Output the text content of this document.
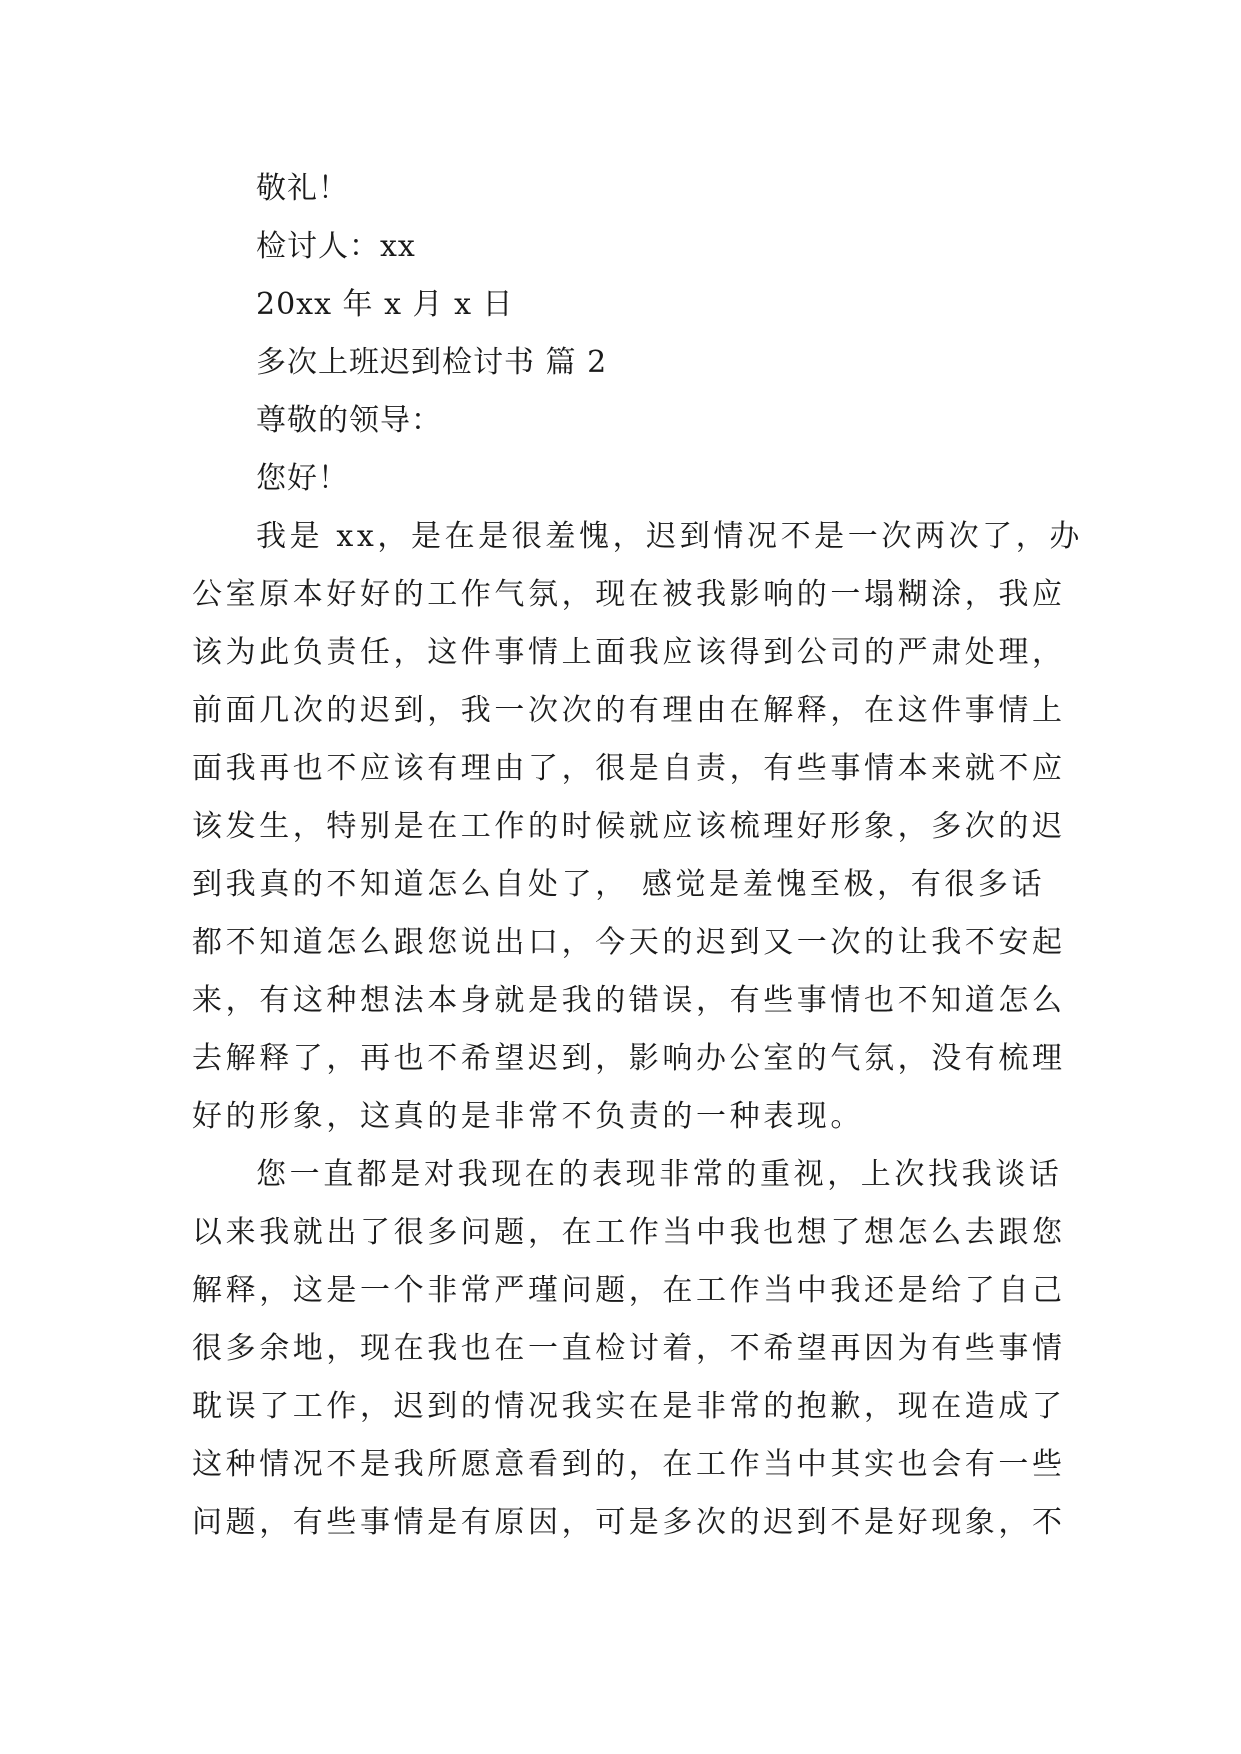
敬礼！
检讨人：xx
20xx 年 x 月 x 日
多次上班迟到检讨书 篇 2
尊敬的领导：
您好！
我是 xx，是在是很羞愧，迟到情况不是一次两次了，办
公室原本好好的工作气氛，现在被我影响的一塌糊涂，我应
该为此负责任，这件事情上面我应该得到公司的严肃处理，
前面几次的迟到，我一次次的有理由在解释，在这件事情上
面我再也不应该有理由了，很是自责，有些事情本来就不应
该发生，特别是在工作的时候就应该梳理好形象，多次的迟
到我真的不知道怎么自处了， 感觉是羞愧至极，有很多话
都不知道怎么跟您说出口，今天的迟到又一次的让我不安起
来，有这种想法本身就是我的错误，有些事情也不知道怎么
去解释了，再也不希望迟到，影响办公室的气氛，没有梳理
好的形象，这真的是非常不负责的一种表现。
您一直都是对我现在的表现非常的重视，上次找我谈话
以来我就出了很多问题，在工作当中我也想了想怎么去跟您
解释，这是一个非常严瑾问题，在工作当中我还是给了自己
很多余地，现在我也在一直检讨着，不希望再因为有些事情
耽误了工作，迟到的情况我实在是非常的抱歉，现在造成了
这种情况不是我所愿意看到的，在工作当中其实也会有一些
问题，有些事情是有原因，可是多次的迟到不是好现象，不
